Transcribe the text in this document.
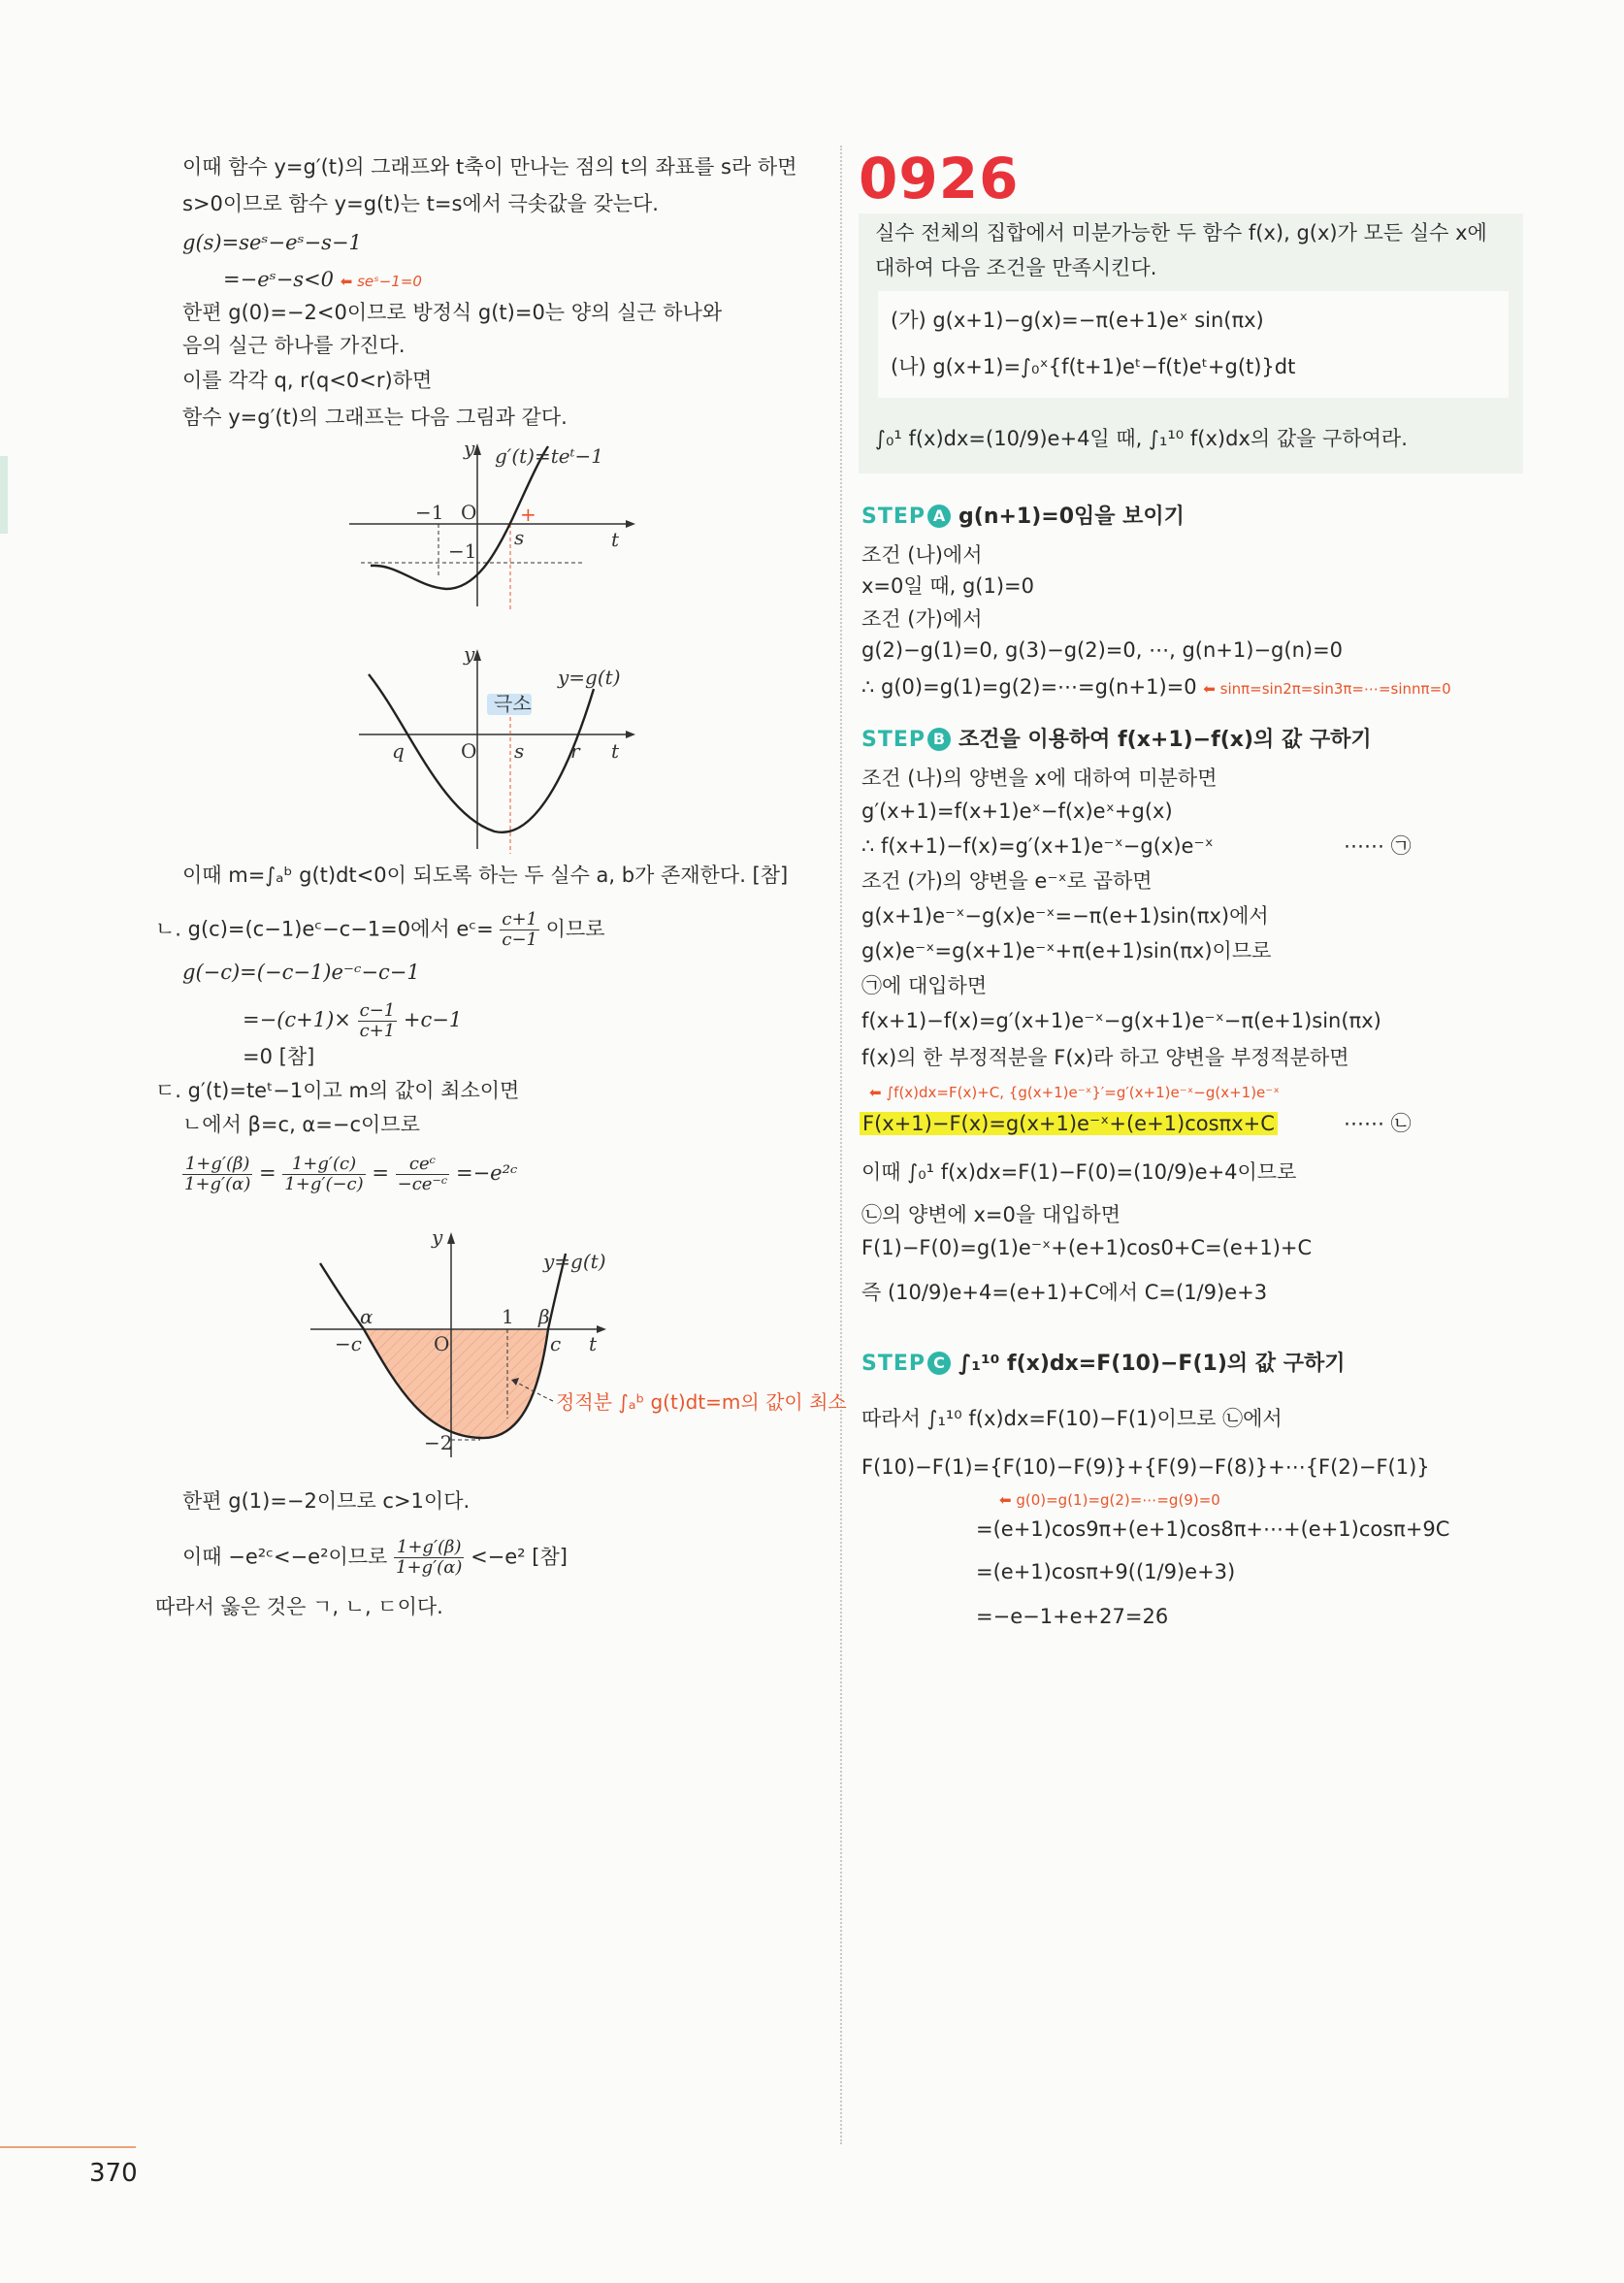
이때 함수 y=g′(t)의 그래프와 t축이 만나는 점의 t의 좌표를 s라 하면
s>0이므로 함수 y=g(t)는 t=s에서 극솟값을 갖는다.
g(s)=seˢ−eˢ−s−1
=−eˢ−s<0 ⬅ sеˢ−1=0
한편 g(0)=−2<0이므로 방정식 g(t)=0는 양의 실근 하나와
음의 실근 하나를 가진다.
이를 각각 q, r(q<0<r)하면
함수 y=g′(t)의 그래프는 다음 그림과 같다.
g′(t)=teᵗ−1
y
t
O
−1
−1
s
+
극소
y=g(t)
y
t
O
q	s r
이때 m=∫ₐᵇ g(t)dt<0이 되도록 하는 두 실수 a, b가 존재한다. [참]
ㄴ. g(c)=(c−1)eᶜ−c−1=0에서 eᶜ= $\frac{c+1}{c-1}$ 이므로
g(−c)=(−c−1)e⁻ᶜ−c−1
$=-(c+1)\times \frac{c-1}{c+1} +c-1$
=0 [참]
ㄷ. g′(t)=teᵗ−1이고 m의 값이 최소이면
ㄴ에서 β=c, α=−c이므로
$\frac{1+g'(\beta)}{1+g'(\alpha)} = \frac{1+g'(c)}{1+g'(-c)} = \frac{\text{ceᶜ}}{\text{−ce⁻ᶜ}}$ =−e²ᶜ
y=g(t)
y
t
O
α	β
−c	c
1
−2
정적분 ∫ₐᵇ g(t)dt=m의 값이 최소
한편 g(1)=−2이므로 c>1이다.
이때 −e²ᶜ<−e²이므로 $\frac{1+g'(\beta)}{1+g'(\alpha)} <-e^2$ [참]
따라서 옳은 것은 ㄱ, ㄴ, ㄷ이다.
0926
실수 전체의 집합에서 미분가능한 두 함수 f(x), g(x)가 모든 실수 x에
대하여 다음 조건을 만족시킨다.
(가) g(x+1)−g(x)=−π(e+1)eˣ sin(πx)
(나) g(x+1)=∫₀ˣ{f(t+1)eᵗ−f(t)eᵗ+g(t)}dt
∫₀¹ f(x)dx=(10/9)e+4일 때, ∫₁¹⁰ f(x)dx의 값을 구하여라.
STEP A g(n+1)=0임을 보이기
조건 (나)에서
x=0일 때, g(1)=0
조건 (가)에서
g(2)−g(1)=0, g(3)−g(2)=0, ⋯, g(n+1)−g(n)=0
∴ g(0)=g(1)=g(2)=⋯=g(n+1)=0 ⬅ sinπ=sin2π=sin3π=⋯=sinnπ=0
STEP B 조건을 이용하여 f(x+1)−f(x)의 값 구하기
조건 (나)의 양변을 x에 대하여 미분하면
g′(x+1)=f(x+1)eˣ−f(x)eˣ+g(x)
∴ f(x+1)−f(x)=g′(x+1)e⁻ˣ−g(x)e⁻ˣ	⋯⋯ ㉠
조건 (가)의 양변을 e⁻ˣ로 곱하면
g(x+1)e⁻ˣ−g(x)e⁻ˣ=−π(e+1)sin(πx)에서
g(x)e⁻ˣ=g(x+1)e⁻ˣ+π(e+1)sin(πx)이므로
㉠에 대입하면
f(x+1)−f(x)=g′(x+1)e⁻ˣ−g(x+1)e⁻ˣ−π(e+1)sin(πx)
f(x)의 한 부정적분을 F(x)라 하고 양변을 부정적분하면
⬅ ∫f(x)dx=F(x)+C, {g(x+1)e⁻ˣ}′=g′(x+1)e⁻ˣ−g(x+1)e⁻ˣ
F(x+1)−F(x)=g(x+1)e⁻ˣ+(e+1)cosπx+C	⋯⋯ ㉡
이때 ∫₀¹ f(x)dx=F(1)−F(0)=(10/9)e+4이므로
㉡의 양변에 x=0을 대입하면
F(1)−F(0)=g(1)e⁻ˣ+(e+1)cos0+C=(e+1)+C
즉 (10/9)e+4=(e+1)+C에서 C=(1/9)e+3
STEP C ∫₁¹⁰ f(x)dx=F(10)−F(1)의 값 구하기
따라서 ∫₁¹⁰ f(x)dx=F(10)−F(1)이므로 ㉡에서
F(10)−F(1)={F(10)−F(9)}+{F(9)−F(8)}+⋯{F(2)−F(1)}
⬅ g(0)=g(1)=g(2)=⋯=g(9)=0
=(e+1)cos9π+(e+1)cos8π+⋯+(e+1)cosπ+9C
=(e+1)cosπ+9((1/9)e+3)
=−e−1+e+27=26
370
